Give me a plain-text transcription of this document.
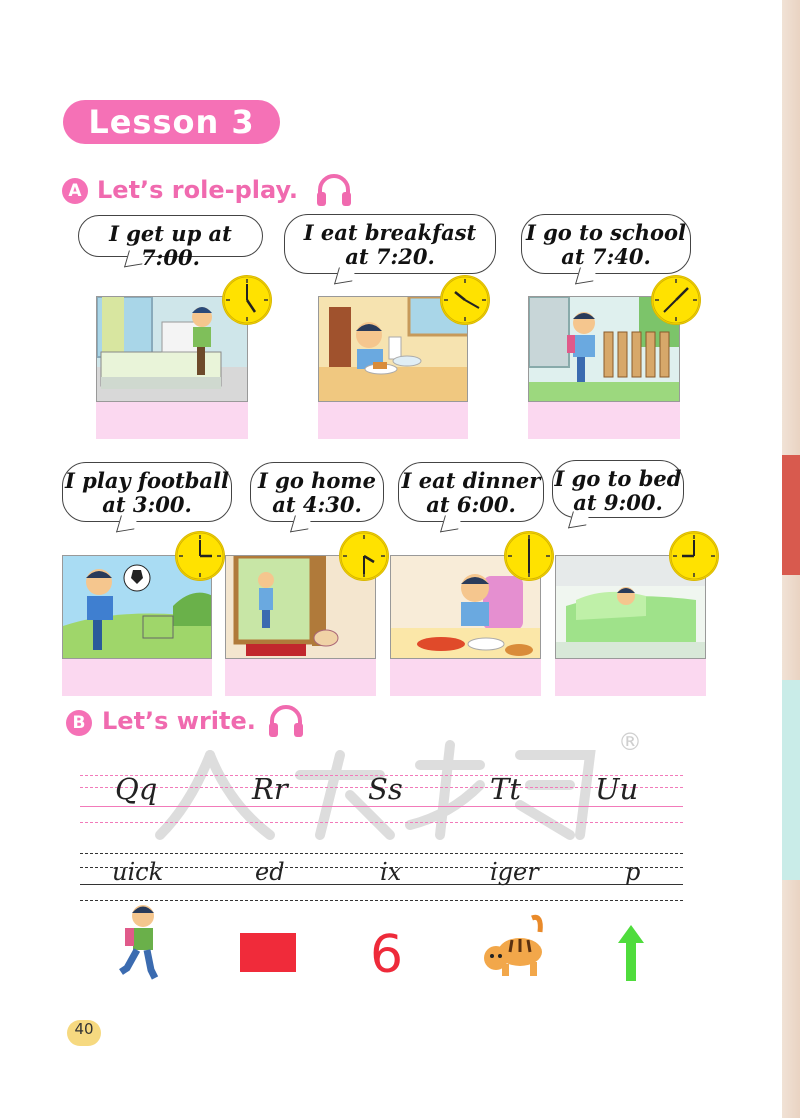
Lesson 3
A Let’s role-play.
I get up at 7:00.
I eat breakfast
at 7:20.
I go to school
at 7:40.
I play football
at 3:00.
I go home
at 4:30.
I eat dinner
at 6:00.
I go to bed
at 9:00.
B Let’s write.
®
Qq	Rr	Ss	Tt	Uu
uick	ed	ix	iger	p
6
40
